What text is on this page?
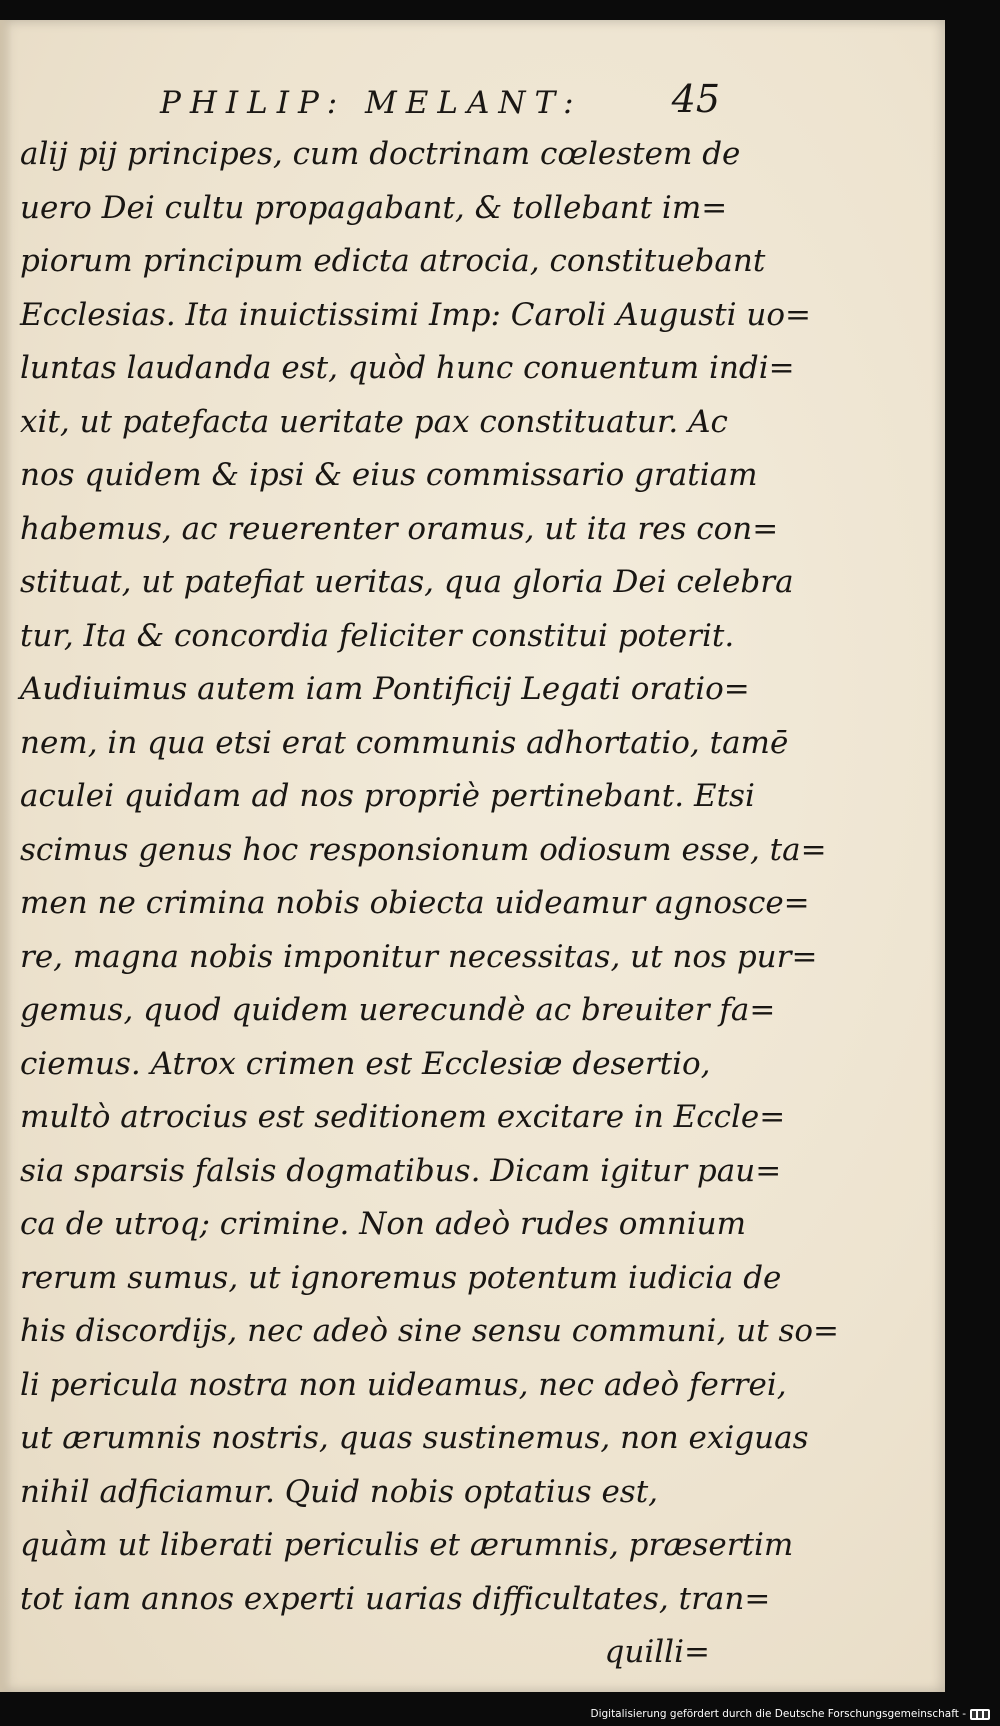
PHILIP: MELANT: 45
alij pij principes, cum doctrinam cœlestem de
uero Dei cultu propagabant, & tollebant im=
piorum principum edicta atrocia, constituebant
Ecclesias. Ita inuictissimi Imp: Caroli Augusti uo=
luntas laudanda est, quòd hunc conuentum indi=
xit, ut patefacta ueritate pax constituatur. Ac
nos quidem & ipsi & eius commissario gratiam
habemus, ac reuerenter oramus, ut ita res con=
stituat, ut patefiat ueritas, qua gloria Dei celebra
tur, Ita & concordia feliciter constitui poterit.
Audiuimus autem iam Pontificij Legati oratio=
nem, in qua etsi erat communis adhortatio, tamē
aculei quidam ad nos propriè pertinebant. Etsi
scimus genus hoc responsionum odiosum esse, ta=
men ne crimina nobis obiecta uideamur agnosce=
re, magna nobis imponitur necessitas, ut nos pur=
gemus, quod quidem uerecundè ac breuiter fa=
ciemus. Atrox crimen est Ecclesiæ desertio,
multò atrocius est seditionem excitare in Eccle=
sia sparsis falsis dogmatibus. Dicam igitur pau=
ca de utroq; crimine. Non adeò rudes omnium
rerum sumus, ut ignoremus potentum iudicia de
his discordijs, nec adeò sine sensu communi, ut so=
li pericula nostra non uideamus, nec adeò ferrei,
ut ærumnis nostris, quas sustinemus, non exiguas
nihil adficiamur. Quid nobis optatius est,
quàm ut liberati periculis et ærumnis, præsertim
tot iam annos experti uarias difficultates, tran=
quilli=
Digitalisierung gefördert durch die Deutsche Forschungsgemeinschaft -
